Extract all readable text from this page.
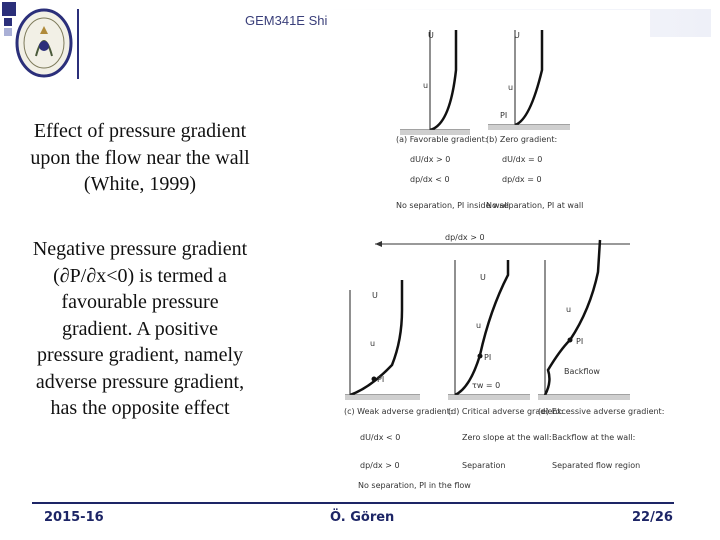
GEM341E Shi
Effect of pressure gradient upon the flow near the wall (White, 1999)
Negative pressure gradient (∂P/∂x<0) is termed a favourable pressure gradient. A positive pressure gradient, namely adverse pressure gradient, has the opposite effect
U
u
(a) Favorable gradient:
dU/dx > 0
dp/dx < 0
No separation, PI inside wall
U
u
PI
(b) Zero gradient:
dU/dx = 0
dp/dx = 0
No separation, PI at wall
dp/dx > 0
U
u
PI
(c) Weak adverse gradient:
dU/dx < 0
dp/dx > 0
No separation, PI in the flow
U
u
PI
τw = 0
(d) Critical adverse gradient:
Zero slope at the wall:
Separation
u
PI
Backflow
(e) Excessive adverse gradient:
Backflow at the wall:
Separated flow region
2015-16	Ö. Gören	22/26
